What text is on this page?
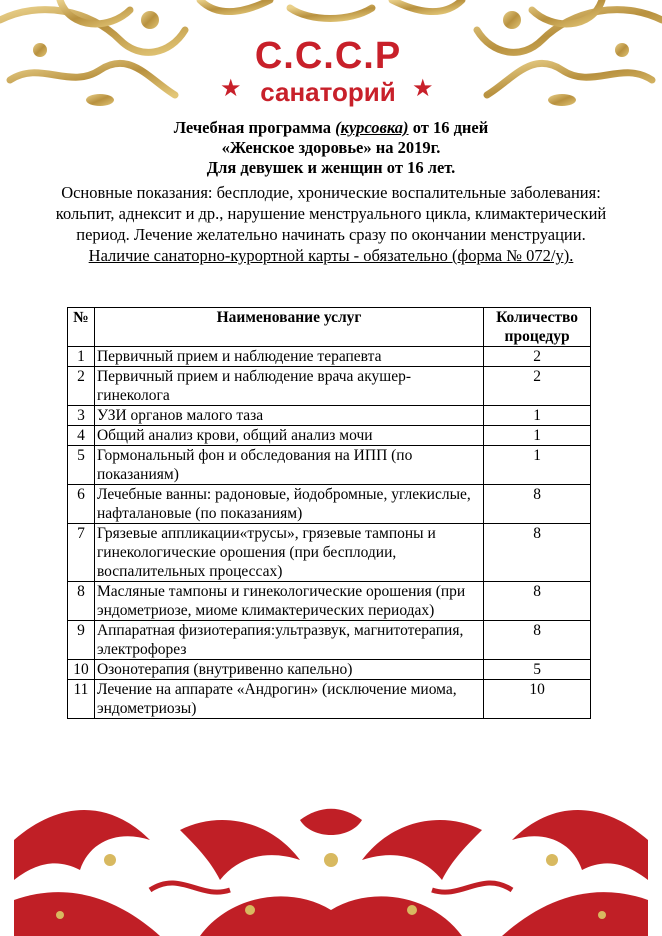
С.С.С.Р
★	★
санаторий
Лечебная программа (курсовка) от 16 дней
«Женское здоровье» на 2019г.
Для девушек и женщин от 16 лет.
Основные показания: бесплодие, хронические воспалительные заболевания: кольпит, аднексит и др., нарушение менструального цикла, климактерический период. Лечение желательно начинать сразу по окончании менструации.
Наличие санаторно-курортной карты - обязательно (форма № 072/у).
№	Наименование услуг	Количество процедур
1	Первичный прием и наблюдение терапевта	2
2	Первичный прием и наблюдение врача акушер-гинеколога	2
3	УЗИ органов малого таза	1
4	Общий анализ крови, общий анализ мочи	1
5	Гормональный фон и обследования на ИПП (по показаниям)	1
6	Лечебные ванны: радоновые, йодобромные, углекислые, нафталановые (по показаниям)	8
7	Грязевые аппликации«трусы», грязевые тампоны и гинекологические орошения (при бесплодии, воспалительных процессах)	8
8	Масляные тампоны и гинекологические орошения (при эндометриозе, миоме климактерических периодах)	8
9	Аппаратная физиотерапия:ультразвук, магнитотерапия, электрофорез	8
10	Озонотерапия (внутривенно капельно)	5
11	Лечение на аппарате «Андрогин» (исключение миома, эндометриозы)	10
